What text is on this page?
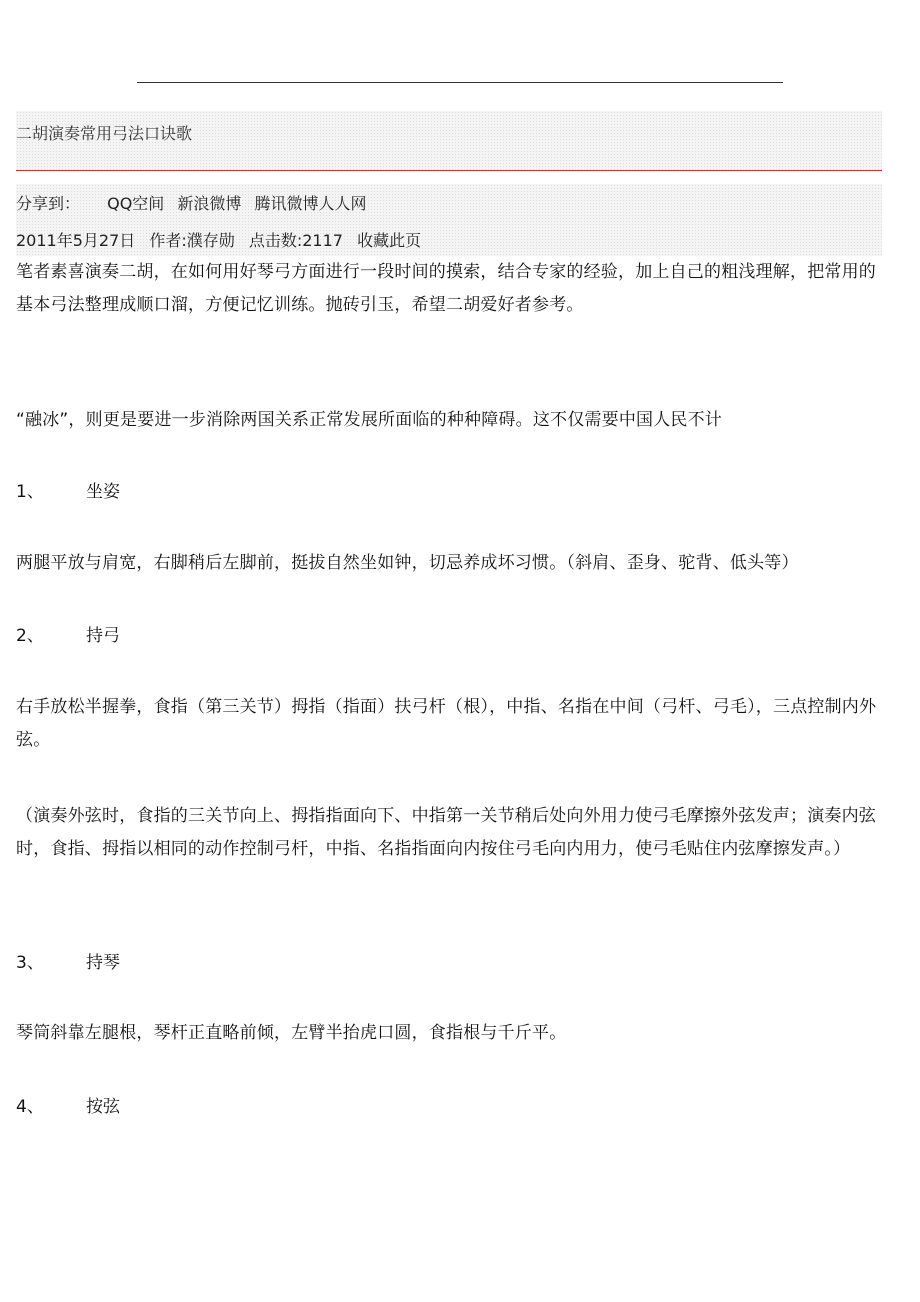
二胡演奏常用弓法口诀歌
分享到： QQ空间 新浪微博 腾讯微博人人网
2011年5月27日 作者:濮存勋 点击数:2117 收藏此页
笔者素喜演奏二胡，在如何用好琴弓方面进行一段时间的摸索，结合专家的经验，加上自己的粗浅理解，把常用的基本弓法整理成顺口溜，方便记忆训练。抛砖引玉，希望二胡爱好者参考。
“融冰”，则更是要进一步消除两国关系正常发展所面临的种种障碍。这不仅需要中国人民不计
1、 坐姿
两腿平放与肩宽，右脚稍后左脚前，挺拔自然坐如钟，切忌养成坏习惯。（斜肩、歪身、驼背、低头等）
2、 持弓
右手放松半握拳，食指（第三关节）拇指（指面）扶弓杆（根），中指、名指在中间（弓杆、弓毛），三点控制内外弦。
（演奏外弦时，食指的三关节向上、拇指指面向下、中指第一关节稍后处向外用力使弓毛摩擦外弦发声；演奏内弦时，食指、拇指以相同的动作控制弓杆，中指、名指指面向内按住弓毛向内用力，使弓毛贴住内弦摩擦发声。）
3、 持琴
琴筒斜靠左腿根，琴杆正直略前倾，左臂半抬虎口圆，食指根与千斤平。
4、 按弦
